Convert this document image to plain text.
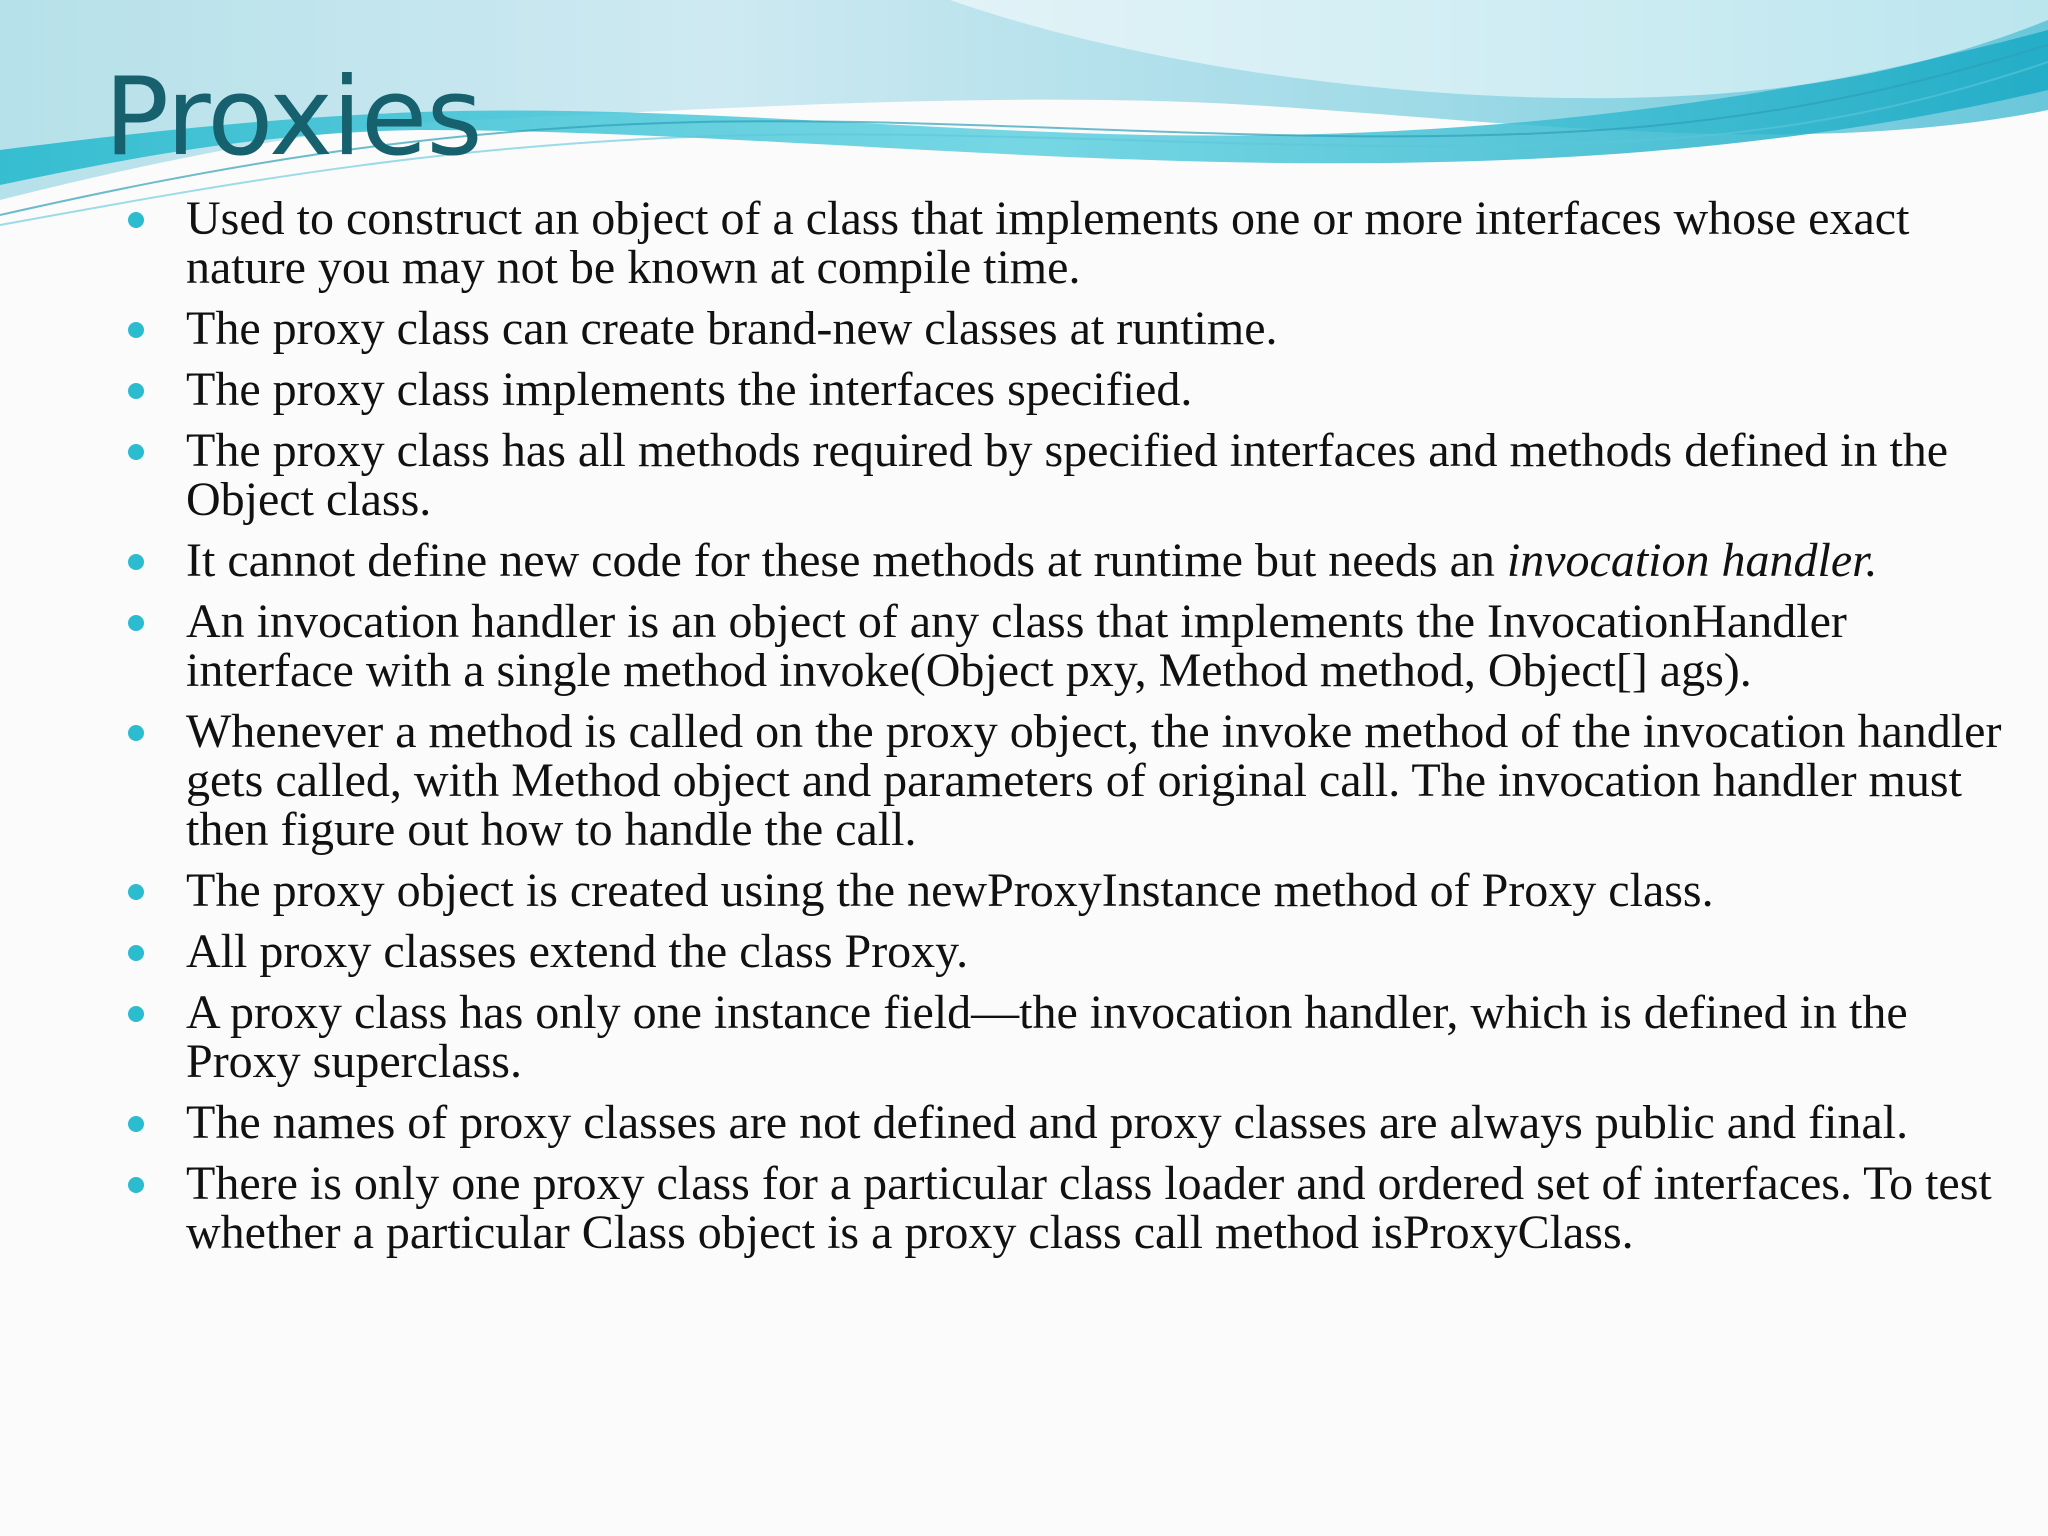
Proxies
Used to construct an object of a class that implements one or more interfaces whose exact nature you may not be known at compile time.
The proxy class can create brand-new classes at runtime.
The proxy class implements the interfaces specified.
The proxy class has all methods required by specified interfaces and methods defined in the Object class.
It cannot define new code for these methods at runtime but needs an invocation handler.
An invocation handler is an object of any class that implements the InvocationHandler interface with a single method invoke(Object pxy, Method method, Object[] ags).
Whenever a method is called on the proxy object, the invoke method of the invocation handler gets called, with Method object and parameters of original call. The invocation handler must then figure out how to handle the call.
The proxy object is created using the newProxyInstance method of Proxy class.
All proxy classes extend the class Proxy.
A proxy class has only one instance field—the invocation handler, which is defined in the Proxy superclass.
The names of proxy classes are not defined and proxy classes are always public and final.
There is only one proxy class for a particular class loader and ordered set of interfaces. To test whether a particular Class object is a proxy class call method isProxyClass.
